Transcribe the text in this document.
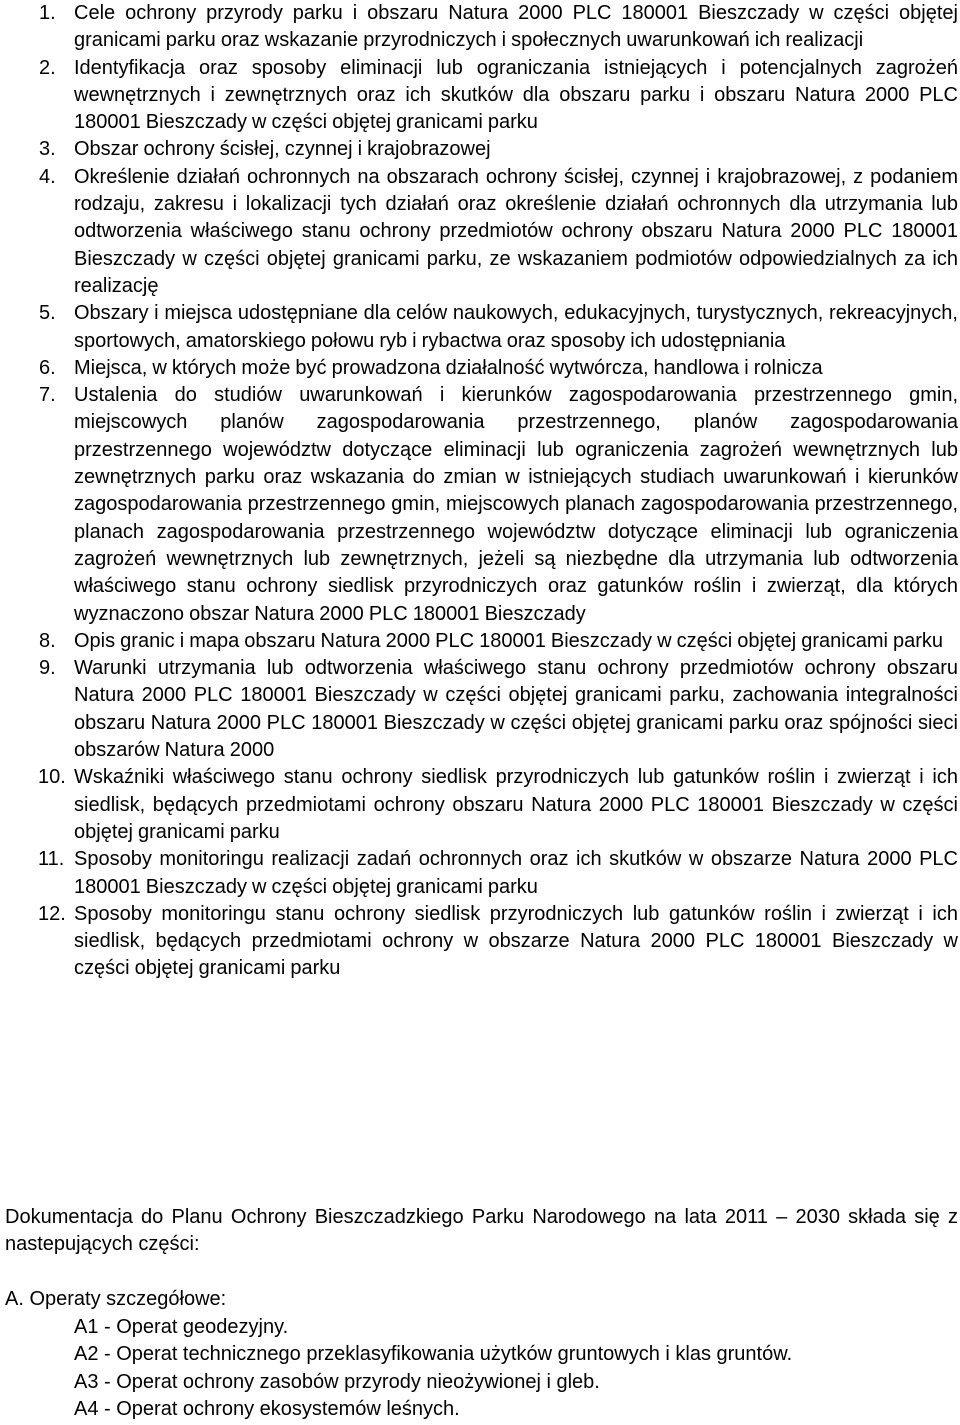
1. Cele ochrony przyrody parku i obszaru Natura 2000 PLC 180001 Bieszczady w części objętej granicami parku oraz wskazanie przyrodniczych i społecznych uwarunkowań ich realizacji
2. Identyfikacja oraz sposoby eliminacji lub ograniczania istniejących i potencjalnych zagrożeń wewnętrznych i zewnętrznych oraz ich skutków dla obszaru parku i obszaru Natura 2000 PLC 180001 Bieszczady w części objętej granicami parku
3. Obszar ochrony ścisłej, czynnej i krajobrazowej
4. Określenie działań ochronnych na obszarach ochrony ścisłej, czynnej i krajobrazowej, z podaniem rodzaju, zakresu i lokalizacji tych działań oraz określenie działań ochronnych dla utrzymania lub odtworzenia właściwego stanu ochrony przedmiotów ochrony obszaru Natura 2000 PLC 180001 Bieszczady w części objętej granicami parku, ze wskazaniem podmiotów odpowiedzialnych za ich realizację
5. Obszary i miejsca udostępniane dla celów naukowych, edukacyjnych, turystycznych, rekreacyjnych, sportowych, amatorskiego połowu ryb i rybactwa oraz sposoby ich udostępniania
6. Miejsca, w których może być prowadzona działalność wytwórcza, handlowa i rolnicza
7. Ustalenia do studiów uwarunkowań i kierunków zagospodarowania przestrzennego gmin, miejscowych planów zagospodarowania przestrzennego, planów zagospodarowania przestrzennego województw dotyczące eliminacji lub ograniczenia zagrożeń wewnętrznych lub zewnętrznych parku oraz wskazania do zmian w istniejących studiach uwarunkowań i kierunków zagospodarowania przestrzennego gmin, miejscowych planach zagospodarowania przestrzennego, planach zagospodarowania przestrzennego województw dotyczące eliminacji lub ograniczenia zagrożeń wewnętrznych lub zewnętrznych, jeżeli są niezbędne dla utrzymania lub odtworzenia właściwego stanu ochrony siedlisk przyrodniczych oraz gatunków roślin i zwierząt, dla których wyznaczono obszar Natura 2000 PLC 180001 Bieszczady
8. Opis granic i mapa obszaru Natura 2000 PLC 180001 Bieszczady w części objętej granicami parku
9. Warunki utrzymania lub odtworzenia właściwego stanu ochrony przedmiotów ochrony obszaru Natura 2000 PLC 180001 Bieszczady w części objętej granicami parku, zachowania integralności obszaru Natura 2000 PLC 180001 Bieszczady w części objętej granicami parku oraz spójności sieci obszarów Natura 2000
10. Wskaźniki właściwego stanu ochrony siedlisk przyrodniczych lub gatunków roślin i zwierząt i ich siedlisk, będących przedmiotami ochrony obszaru Natura 2000 PLC 180001 Bieszczady w części objętej granicami parku
11. Sposoby monitoringu realizacji zadań ochronnych oraz ich skutków w obszarze Natura 2000 PLC 180001 Bieszczady w części objętej granicami parku
12. Sposoby monitoringu stanu ochrony siedlisk przyrodniczych lub gatunków roślin i zwierząt i ich siedlisk, będących przedmiotami ochrony w obszarze Natura 2000 PLC 180001 Bieszczady w części objętej granicami parku

Dokumentacja do Planu Ochrony Bieszczadzkiego Parku Narodowego na lata 2011 – 2030 składa się z nastepujących części:

A. Operaty szczegółowe:
A1 - Operat geodezyjny.
A2 - Operat technicznego przeklasyfikowania użytków gruntowych i klas gruntów.
A3 - Operat ochrony zasobów przyrody nieożywionej i gleb.
A4 - Operat ochrony ekosystemów leśnych.
